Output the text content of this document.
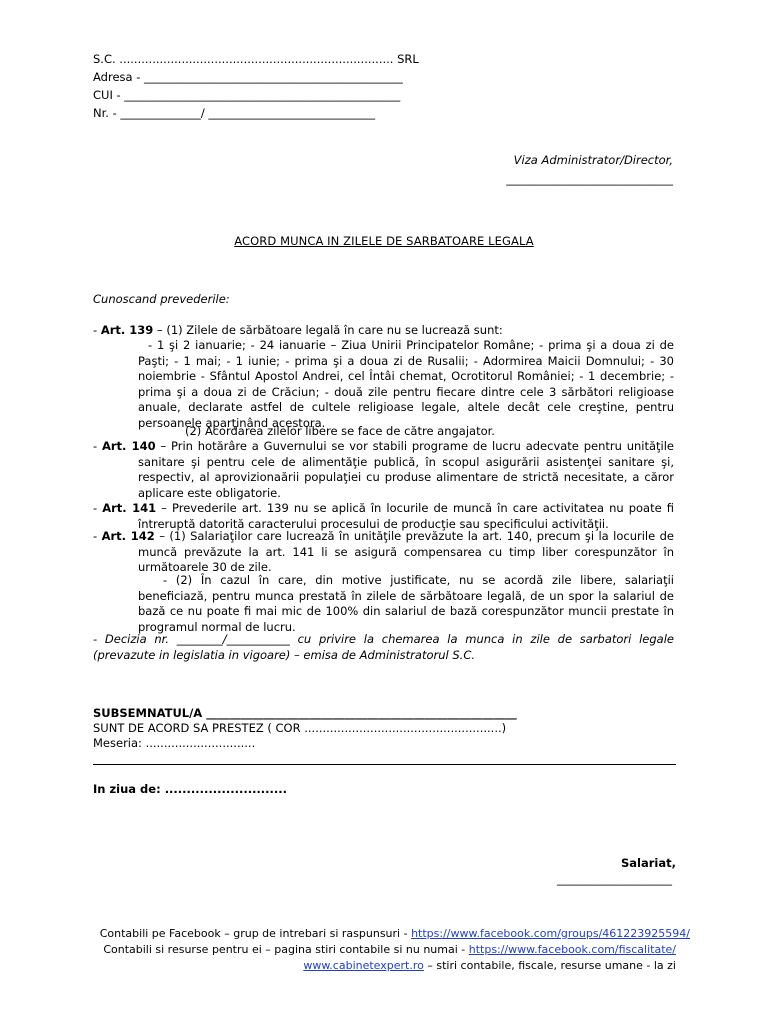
S.C. ........................................................................... SRL
Adresa - _____________________________________________
CUI - ________________________________________________
Nr. - ______________/ _____________________________
Viza Administrator/Director,
_____________________________
ACORD MUNCA IN ZILELE DE SARBATOARE LEGALA
Cunoscand prevederile:
- Art. 139 – (1) Zilele de sărbătoare legală în care nu se lucrează sunt:
- 1 şi 2 ianuarie; - 24 ianuarie – Ziua Unirii Principatelor Române; - prima şi a doua zi de Paşti; - 1 mai; - 1 iunie; - prima şi a doua zi de Rusalii; - Adormirea Maicii Domnului; - 30 noiembrie - Sfântul Apostol Andrei, cel Întâi chemat, Ocrotitorul României; - 1 decembrie; - prima şi a doua zi de Crăciun; - două zile pentru fiecare dintre cele 3 sărbători religioase anuale, declarate astfel de cultele religioase legale, altele decât cele creştine, pentru persoanele aparţinând acestora.
(2) Acordarea zilelor libere se face de către angajator.
- Art. 140 – Prin hotărâre a Guvernului se vor stabili programe de lucru adecvate pentru unităţile sanitare şi pentru cele de alimentăţie publică, în scopul asigurării asistenţei sanitare şi, respectiv, al aprovizionaării populaţiei cu produse alimentare de strictă necesitate, a căror aplicare este obligatorie.
- Art. 141 – Prevederile art. 139 nu se aplică în locurile de muncă în care activitatea nu poate fi întreruptă datorită caracterului procesului de producţie sau specificului activităţii.
- Art. 142 – (1) Salariaţilor care lucrează în unităţile prevăzute la art. 140, precum şi la locurile de muncă prevăzute la art. 141 li se asigură compensarea cu timp liber corespunzător în următoarele 30 de zile.
- (2) În cazul în care, din motive justificate, nu se acordă zile libere, salariaţii beneficiază, pentru munca prestată în zilele de sărbătoare legală, de un spor la salariul de bază ce nu poate fi mai mic de 100% din salariul de bază corespunzător muncii prestate în programul normal de lucru.
- Decizia nr. ________/___________ cu privire la chemarea la munca in zile de sarbatori legale (prevazute in legislatia in vigoare) – emisa de Administratorul S.C.
SUBSEMNATUL/A ______________________________________________________
SUNT DE ACORD SA PRESTEZ ( COR ......................................................)
Meseria: ..............................
In ziua de: ............................
Salariat,
____________________
Contabili pe Facebook – grup de intrebari si raspunsuri - https://www.facebook.com/groups/461223925594/
Contabili si resurse pentru ei – pagina stiri contabile si nu numai - https://www.facebook.com/fiscalitate/
www.cabinetexpert.ro – stiri contabile, fiscale, resurse umane - la zi
